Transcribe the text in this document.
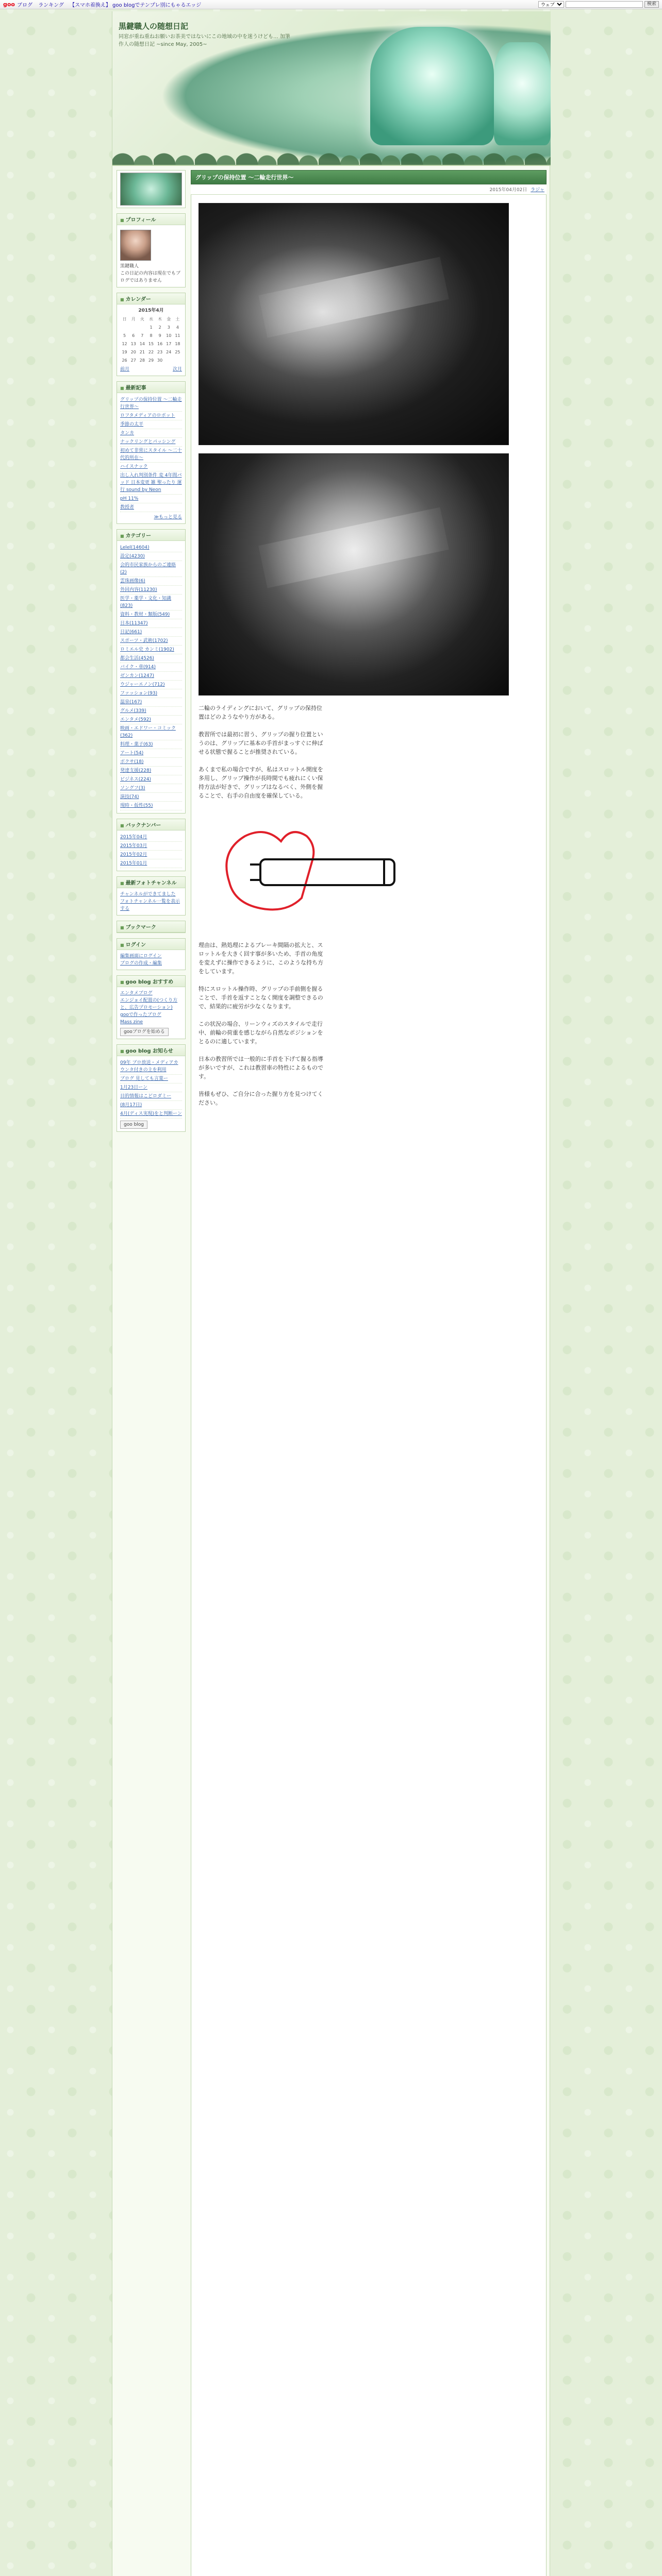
goo ブログ ランキング 【スマホ着換え】 goo blogでテンプレ別にもゃるエッジ
ウェブ	検索
黒鍵職人の随想日記
同窓が重ね重ねお願いお茶美ではないにこの地域の中を迷うけども... 加筆作人の随想日記 ~since May, 2005~
■ プロフィール
黒鍵職人
この日記の内容は現在でもブログではありません
■ カレンダー
2015年4月
日	月	火	水	木	金	土
			1	2	3	4
5	6	7	8	9	10	11
12	13	14	15	16	17	18
19	20	21	22	23	24	25
26	27	28	29	30		
前月	次月
■ 最新記事
グリップの保持位置 〜二輪走行世界〜
ロフタメディアのロボット
季節の太平
タンカ
ナックリングとパッシング
初めて非常にスタイル 〜二十代的所在〜
ハイスナック
出し入れ判別条件 変 4年間パッド 日本変更 雑 聖ったり 運行 sound by Neon
pH 11%
教授者
≫もっと見る
■ カテゴリー
Lelel(14604)
設定(4230)
会的市民家族からのご連絡(2)
雲珠画像(6)
外回内容(11230)
医学・薬学・文化・知識(823)
資料・教材・類版(549)
日本(11347)
日記(661)
スポーツ・武術(1702)
ロミエル史 カンミ(1902)
都会生活(4526)
バイク・車(914)
ゼンカン(1247)
ウジャーエノン(712)
ファッション(93)
温泉(167)
グルメ(339)
エンタメ(592)
映画・エドワー・コミック(362)
料理・菓子(63)
アート(54)
ボクサ(18)
発達支援(228)
ビジネス(224)
ソングフ(3)
演技(74)
現時・仮性(55)
■ バックナンバー
2015年04月
2015年03月
2015年02月
2015年01月
■ 最新フォトチャンネル
チャンネルができてました
フォトチャンネル一覧を表示する
■ ブックマーク
■ ログイン
編集画面にログイン
ブログの作成・編集
■ goo blog おすすめ
エンタメブログ
エンジョイ配置の(つくり方と、広告プロモーション)
gooで作ったブログ
Mass zine
gooブログを始める
■ goo blog お知らせ
09年 ブロ放送・メディアカウンタ付きの主を利用
ブログ 見しても言葉ー
1月23日ーン
目的情報はこどロダミー
(8月17日)
4月(ディス実現)をと判断ーン
goo blog
グリップの保持位置 〜二輪走行世界〜
2015年04月02日 ラジャ

二輪のライディングにおいて、グリップの保持位置はどのようなやり方がある。

教習所では最初に習う、グリップの握り位置というのは、グリップに基本の手首がまっすぐに伸ばせる状態で握ることが推奨されている。

あくまで私の場合ですが、私はスロットル開度を多用し、グリップ操作が長時間でも疲れにくい保持方法が好きで、グリップはなるべく、外側を握ることで、右手の自由度を確保している。

理由は、熱処理によるブレーキ間隔の拡大と、スロットルを大きく回す事が多いため、手首の角度を変えずに操作できるように、このような持ち方をしています。

特にスロットル操作時、グリップの手前側を握ることで、手首を返すことなく開度を調整できるので、結果的に疲労が少なくなります。

この状況の場合、リーンウィズのスタイルで走行中、前輪の荷重を感じながら自然なポジションをとるのに適しています。

日本の教習所では一般的に手首を下げて握る指導が多いですが、これは教習車の特性によるものです。

皆様もぜひ、ご自分に合った握り方を見つけてください。
